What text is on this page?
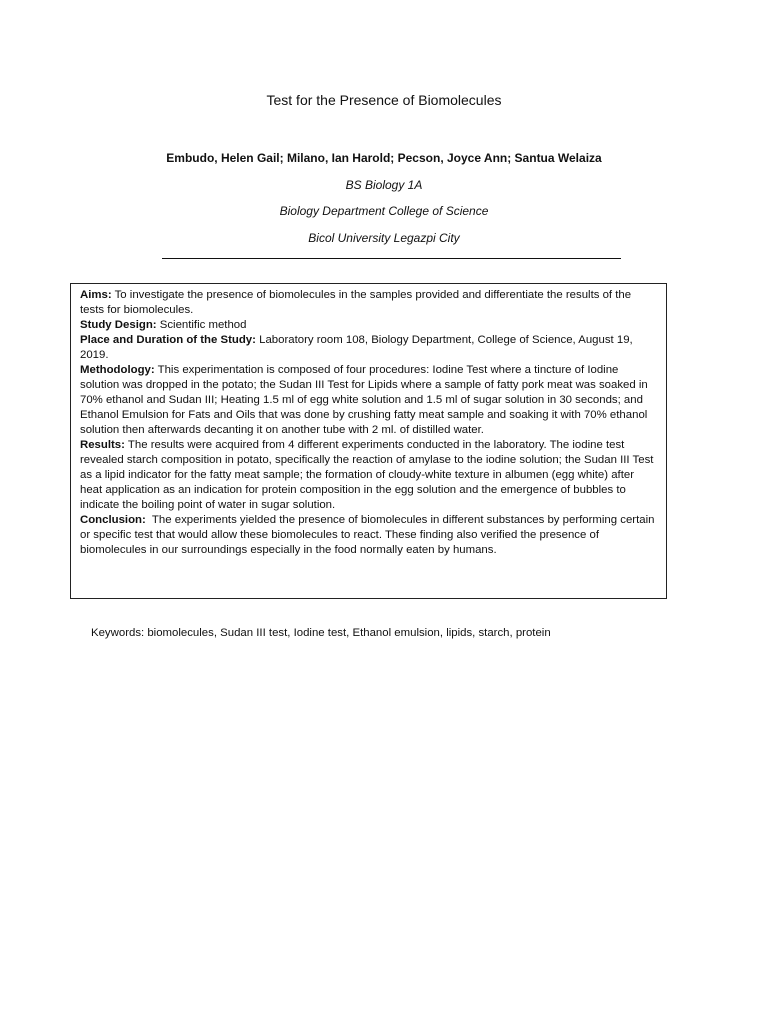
Test for the Presence of Biomolecules
Embudo, Helen Gail; Milano, Ian Harold; Pecson, Joyce Ann; Santua Welaiza
BS Biology 1A
Biology Department College of Science
Bicol University Legazpi City

Aims: To investigate the presence of biomolecules in the samples provided and differentiate the results of the tests for biomolecules.

Study Design: Scientific method

Place and Duration of the Study: Laboratory room 108, Biology Department, College of Science, August 19, 2019.

Methodology: This experimentation is composed of four procedures: Iodine Test where a tincture of Iodine solution was dropped in the potato; the Sudan III Test for Lipids where a sample of fatty pork meat was soaked in 70% ethanol and Sudan III; Heating 1.5 ml of egg white solution and 1.5 ml of sugar solution in 30 seconds; and Ethanol Emulsion for Fats and Oils that was done by crushing fatty meat sample and soaking it with 70% ethanol solution then afterwards decanting it on another tube with 2 ml. of distilled water.

Results: The results were acquired from 4 different experiments conducted in the laboratory. The iodine test revealed starch composition in potato, specifically the reaction of amylase to the iodine solution; the Sudan III Test as a lipid indicator for the fatty meat sample; the formation of cloudy-white texture in albumen (egg white) after heat application as an indication for protein composition in the egg solution and the emergence of bubbles to indicate the boiling point of water in sugar solution.

Conclusion:  The experiments yielded the presence of biomolecules in different substances by performing certain or specific test that would allow these biomolecules to react. These finding also verified the presence of biomolecules in our surroundings especially in the food normally eaten by humans.

Keywords: biomolecules, Sudan III test, Iodine test, Ethanol emulsion, lipids, starch, protein
